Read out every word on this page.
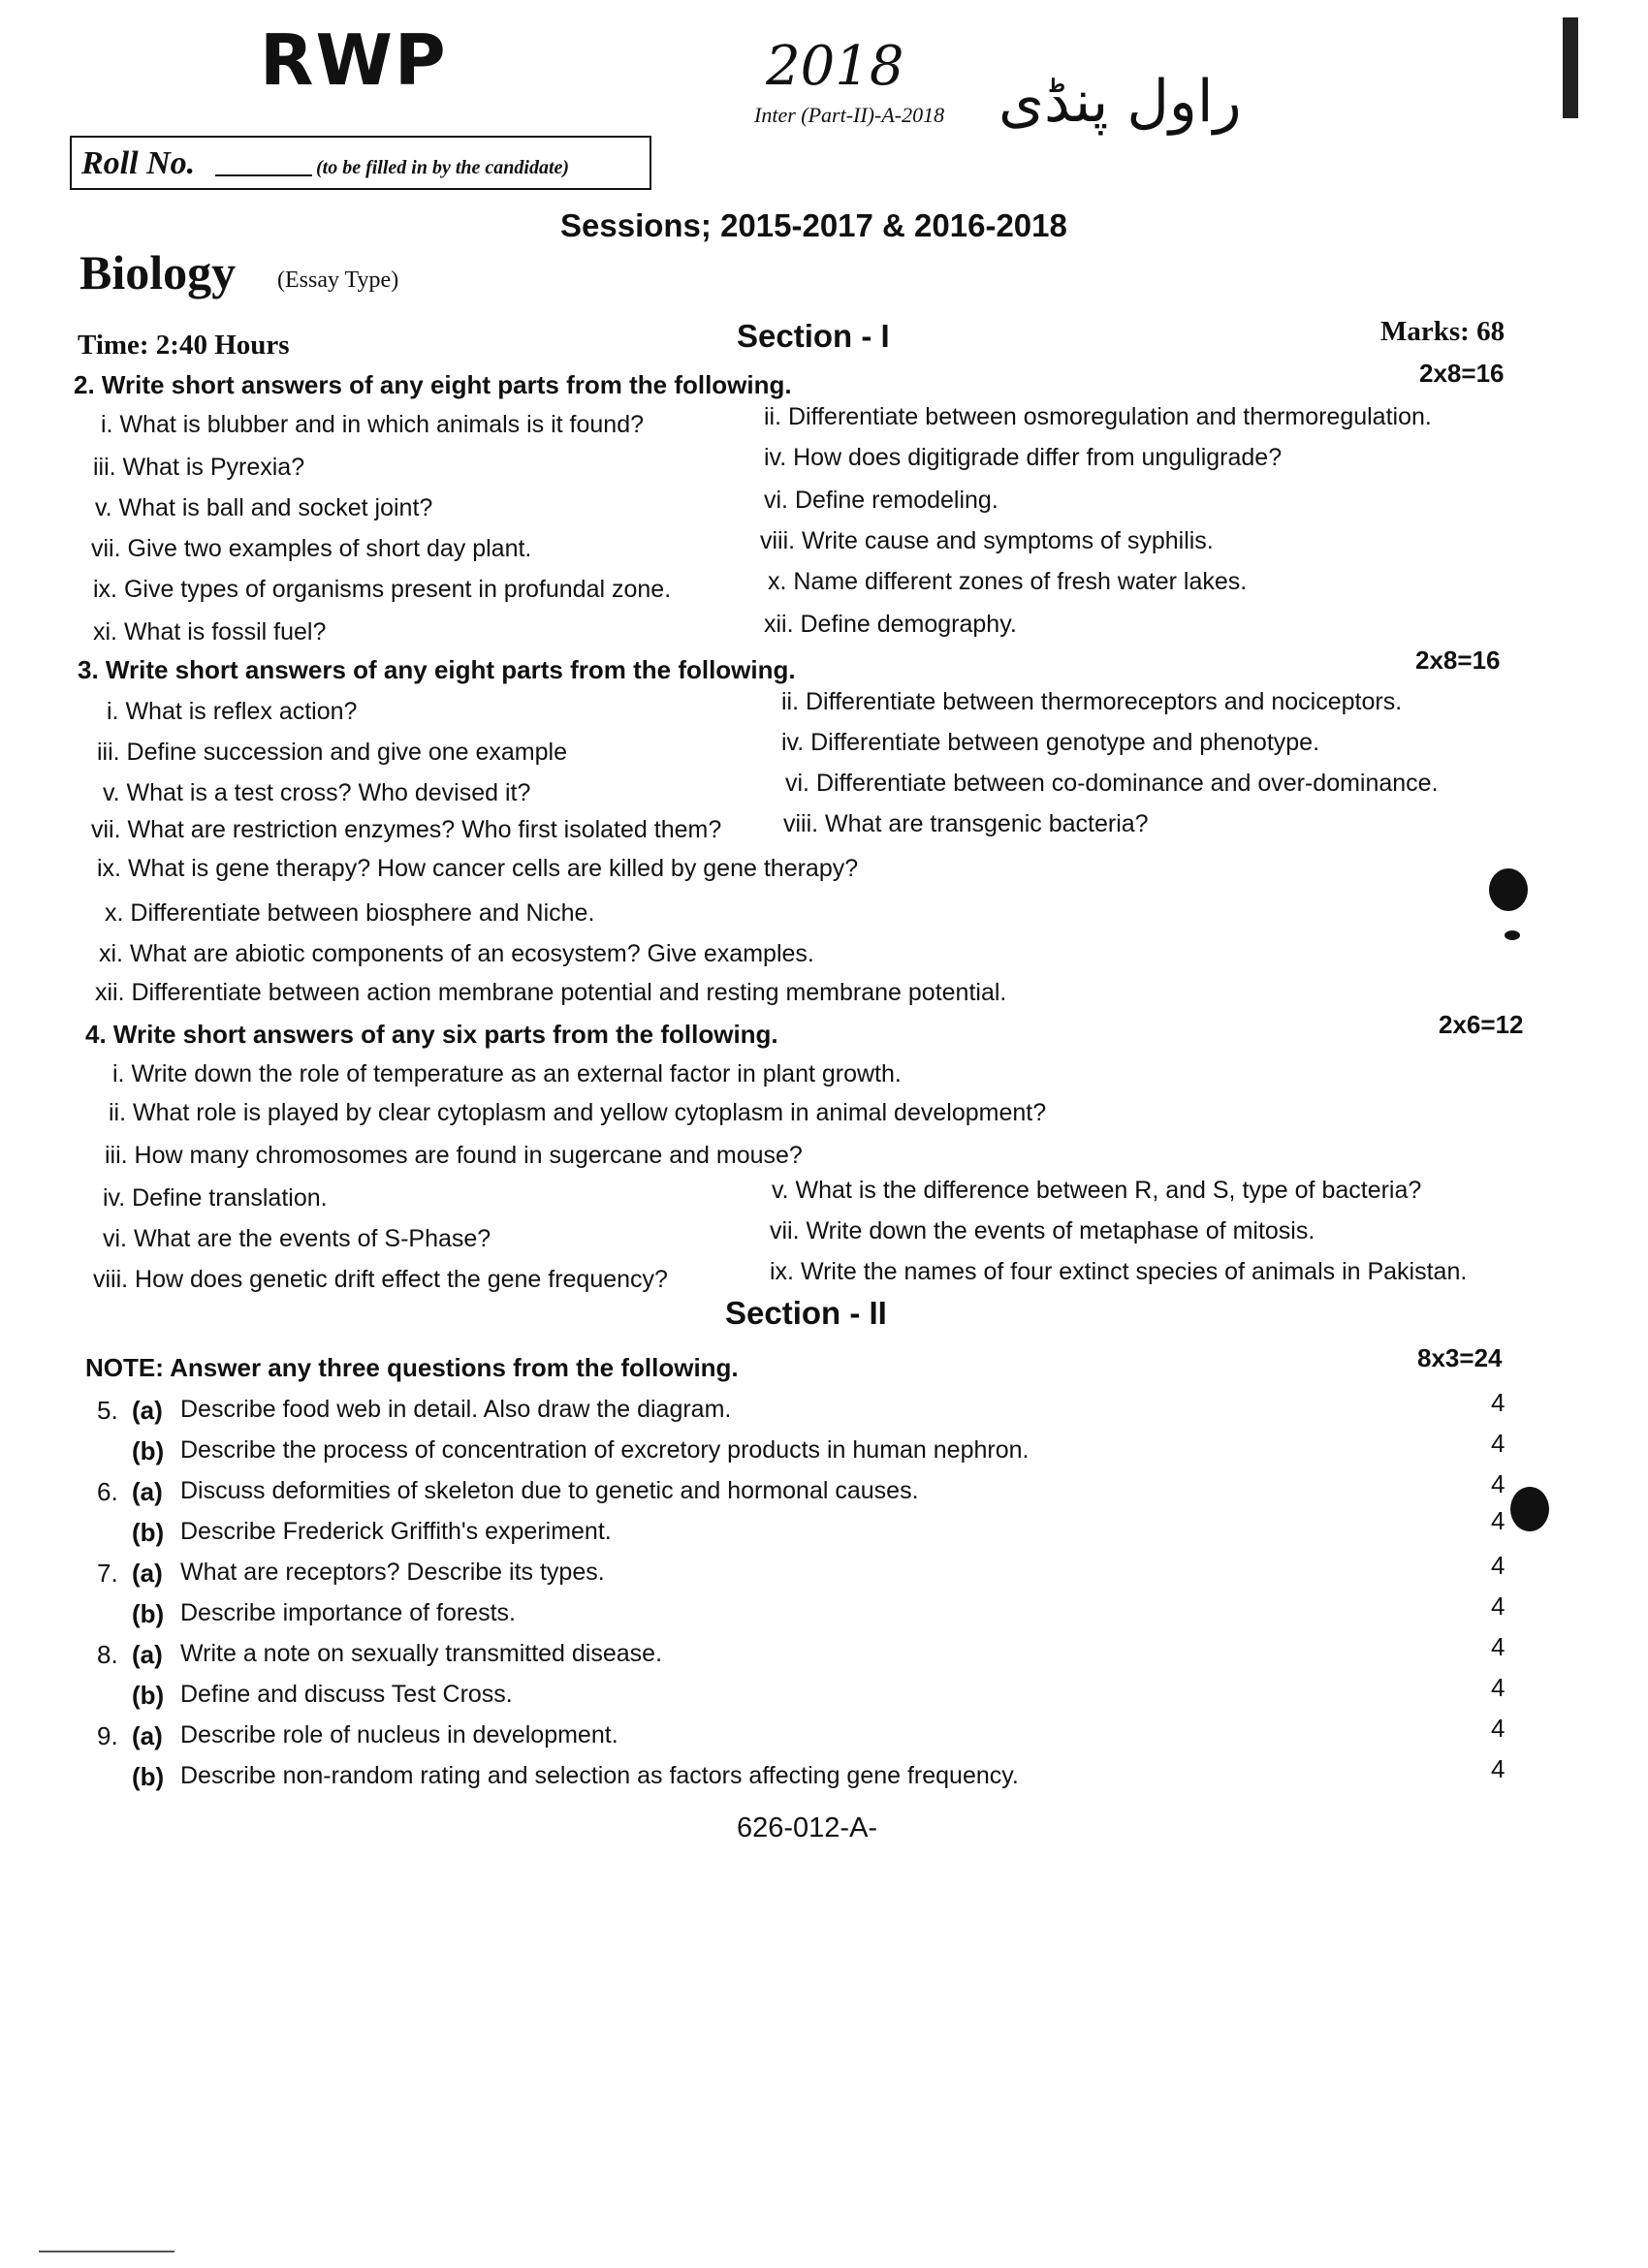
RWP	2018
Inter (Part-II)-A-2018 راول پنڈی
Roll No.	(to be filled in by the candidate)
Sessions; 2015-2017 & 2016-2018
Biology (Essay Type)
Time: 2:40 Hours	Section - I	Marks: 68
2. Write short answers of any eight parts from the following.	2x8=16
i. What is blubber and in which animals is it found?	ii. Differentiate between osmoregulation and thermoregulation.
iii. What is Pyrexia?	iv. How does digitigrade differ from unguligrade?
v. What is ball and socket joint?	vi. Define remodeling.
vii. Give two examples of short day plant.	viii. Write cause and symptoms of syphilis.
ix. Give types of organisms present in profundal zone.	x. Name different zones of fresh water lakes.
xi. What is fossil fuel?	xii. Define demography.
3. Write short answers of any eight parts from the following.	2x8=16
i. What is reflex action?	ii. Differentiate between thermoreceptors and nociceptors.
iii. Define succession and give one example	iv. Differentiate between genotype and phenotype.
v. What is a test cross? Who devised it?	vi. Differentiate between co-dominance and over-dominance.
vii. What are restriction enzymes? Who first isolated them?	viii. What are transgenic bacteria?
ix. What is gene therapy? How cancer cells are killed by gene therapy?
x. Differentiate between biosphere and Niche.
xi. What are abiotic components of an ecosystem? Give examples.
xii. Differentiate between action membrane potential and resting membrane potential.
4. Write short answers of any six parts from the following.	2x6=12
i. Write down the role of temperature as an external factor in plant growth.
ii. What role is played by clear cytoplasm and yellow cytoplasm in animal development?
iii. How many chromosomes are found in sugercane and mouse?
iv. Define translation.	v. What is the difference between R, and S, type of bacteria?
vi. What are the events of S-Phase?	vii. Write down the events of metaphase of mitosis.
viii. How does genetic drift effect the gene frequency?	ix. Write the names of four extinct species of animals in Pakistan.
Section - II
NOTE: Answer any three questions from the following.	8x3=24
5. (a) Describe food web in detail. Also draw the diagram.	4
(b) Describe the process of concentration of excretory products in human nephron.	4
6. (a) Discuss deformities of skeleton due to genetic and hormonal causes.	4
(b) Describe Frederick Griffith's experiment.	4
7. (a) What are receptors? Describe its types.	4
(b) Describe importance of forests.	4
8. (a) Write a note on sexually transmitted disease.	4
(b) Define and discuss Test Cross.	4
9. (a) Describe role of nucleus in development.	4
(b) Describe non-random rating and selection as factors affecting gene frequency.	4
626-012-A-
